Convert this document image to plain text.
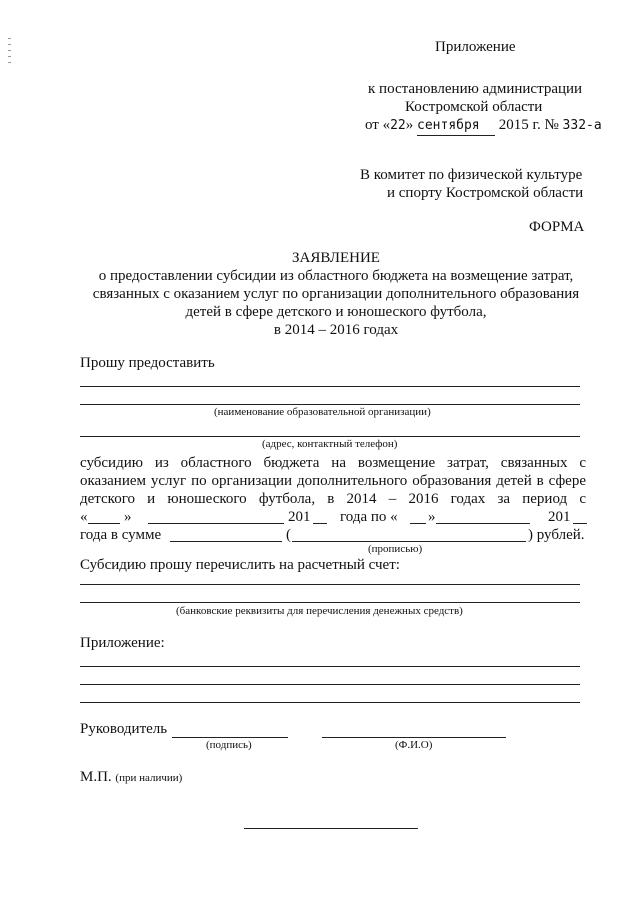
Приложение
к постановлению администрации
Костромской области
от «22» сентября 2015 г. № 332-а
В комитет по физической культуре
и спорту Костромской области
ФОРМА
ЗАЯВЛЕНИЕ
о предоставлении субсидии из областного бюджета на возмещение затрат,
связанных с оказанием услуг по организации дополнительного образования
детей в сфере детского и юношеского футбола,
в 2014 – 2016 годах
Прошу предоставить
(наименование образовательной организации)
(адрес, контактный телефон)
субсидию из областного бюджета на возмещение затрат, связанных с
оказанием услуг по организации дополнительного образования детей в сфере
детского и юношеского футбола, в 2014 – 2016 годах за период с
« »	201 года по « »	201
года в сумме	(	) рублей.
(прописью)
Субсидию прошу перечислить на расчетный счет:
(банковские реквизиты для перечисления денежных средств)
Приложение:
Руководитель
(подпись)	(Ф.И.О)
М.П. (при наличии)
